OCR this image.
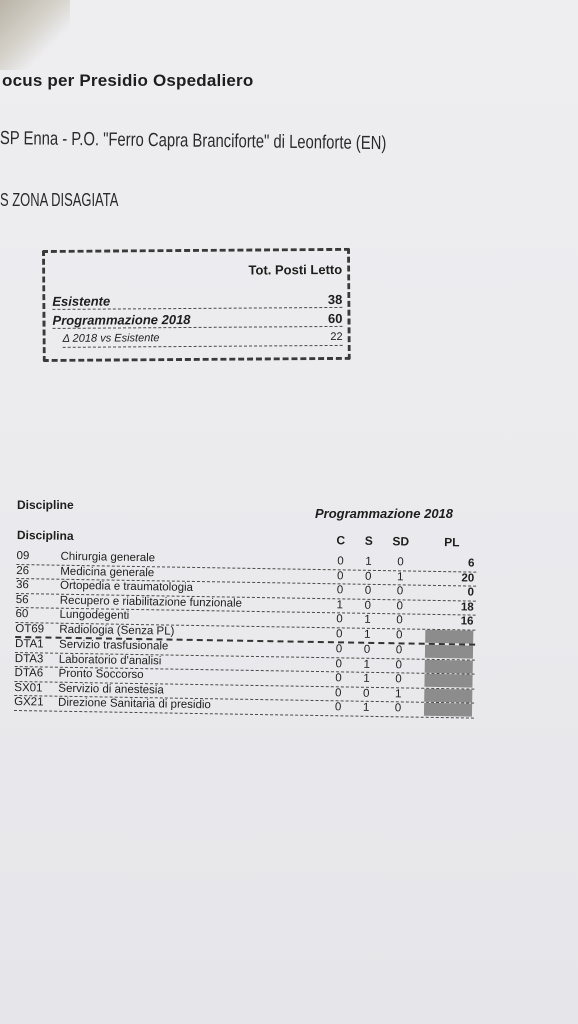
ocus per Presidio Ospedaliero
SP Enna - P.O. "Ferro Capra Branciforte" di Leonforte (EN)
S ZONA DISAGIATA
Tot. Posti Letto
Esistente	38
Programmazione 2018	60
Δ 2018 vs Esistente	22
Discipline
Programmazione 2018
Disciplina	C	S	SD	PL
09	Chirurgia generale	0	1	0	6
26	Medicina generale	0	0	1	20
36	Ortopedia e traumatologia	0	0	0	0
56	Recupero e riabilitazione funzionale	1	0	0	18
60	Lungodegenti	0	1	0	16
OT69	Radiologia (Senza PL)	0	1	0
DTA1	Servizio trasfusionale	0	0	0
DTA3	Laboratorio d'analisi	0	1	0
DTA6	Pronto Soccorso	0	1	0
SX01	Servizio di anestesia	0	0	1
GX21	Direzione Sanitaria di presidio	0	1	0
